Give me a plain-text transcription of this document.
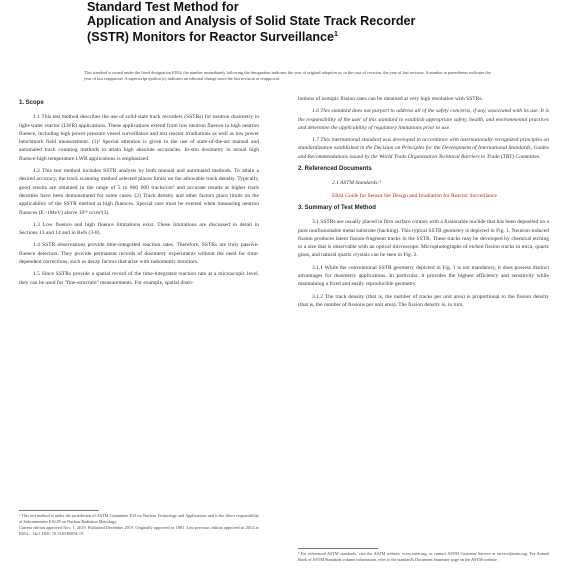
Standard Test Method for
Application and Analysis of Solid State Track Recorder
(SSTR) Monitors for Reactor Surveillance$^1$
This standard is issued under the fixed designation E854; the number immediately following the designation indicates the year of original adoption or, in the case of revision, the year of last revision. A number in parentheses indicates the year of last reapproval. A superscript epsilon (ε) indicates an editorial change since the last revision or reapproval.
1. Scope

1.1 This test method describes the use of solid-state track recorders (SSTRs) for neutron dosimetry in light-water reactor (LWR) applications. These applications extend from low neutron fluence to high neutron fluence, including high power pressure vessel surveillance and test reactor irradiations as well as low power benchmark field measurement. (1)² Special attention is given to the use of state-of-the-art manual and automated track counting methods to attain high absolute accuracies. In-situ dosimetry in actual high fluence-high temperature LWR applications is emphasized.

1.2 This test method includes SSTR analysis by both manual and automated methods. To attain a desired accuracy, the track scanning method selected places limits on the allowable track density. Typically, good results are obtained in the range of 5 to 800 000 tracks/cm² and accurate results at higher track densities have been demonstrated for some cases. (2) Track density and other factors place limits on the applicability of the SSTR method at high fluences. Special care must be exerted when measuring neutron fluences (E>1MeV) above 10¹⁶ n/cm²(3).

1.3 Low fluence and high fluence limitations exist. These limitations are discussed in detail in Sections 13 and 14 and in Refs (3-8).

1.4 SSTR observations provide time-integrated reaction rates. Therefore, SSTRs are truly passive-fluence detectors. They provide permanent records of dosimetry experiments without the need for time-dependent corrections, such as decay factors that arise with radiometric monitors.

1.5 Since SSTRs provide a spatial record of the time-integrated reaction rate at a microscopic level, they can be used for "fine-structure" measurements. For example, spatial distri-

¹ This test method is under the jurisdiction of ASTM Committee E10 on Nuclear Technology and Applications and is the direct responsibility of Subcommittee E10.05 on Nuclear Radiation Metrology.
Current edition approved Nov. 1, 2019. Published December 2019. Originally approved in 1981. Last previous edition approved in 2014 as E854 – 14ε1. DOI: 10.1520/E0854-19.

butions of isotopic fission rates can be obtained at very high resolution with SSTRs.

1.6 This standard does not purport to address all of the safety concerns, if any, associated with its use. It is the responsibility of the user of this standard to establish appropriate safety, health, and environmental practices and determine the applicability of regulatory limitations prior to use.

1.7 This international standard was developed in accordance with internationally recognized principles on standardization established in the Decision on Principles for the Development of International Standards, Guides and Recommendations issued by the World Trade Organization Technical Barriers to Trade (TBT) Committee.

2. Referenced Documents

2.1 ASTM Standards:³

E844 Guide for Sensor Set Design and Irradiation for Reactor Surveillance

3. Summary of Test Method

3.1 SSTRs are usually placed in firm surface contact with a fissionable nuclide that has been deposited on a pure nonfissionable metal substrate (backing). This typical SSTR geometry is depicted in Fig. 1. Neutron-induced fission produces latent fission-fragment tracks in the SSTR. These tracks may be developed by chemical etching to a size that is observable with an optical microscope. Microphotographs of etched fission tracks in mica, quartz glass, and natural quartz crystals can be seen in Fig. 2.

3.1.1 While the conventional SSTR geometry depicted in Fig. 1 is not mandatory, it does possess distinct advantages for dosimetry applications. In particular, it provides the highest efficiency and sensitivity while maintaining a fixed and easily reproducible geometry.

3.1.2 The track density (that is, the number of tracks per unit area) is proportional to the fission density (that is, the number of fissions per unit area). The fission density is, in turn,

³ For referenced ASTM standards, visit the ASTM website, www.astm.org, or contact ASTM Customer Service at service@astm.org. For Annual Book of ASTM Standards volume information, refer to the standard's Document Summary page on the ASTM website.
